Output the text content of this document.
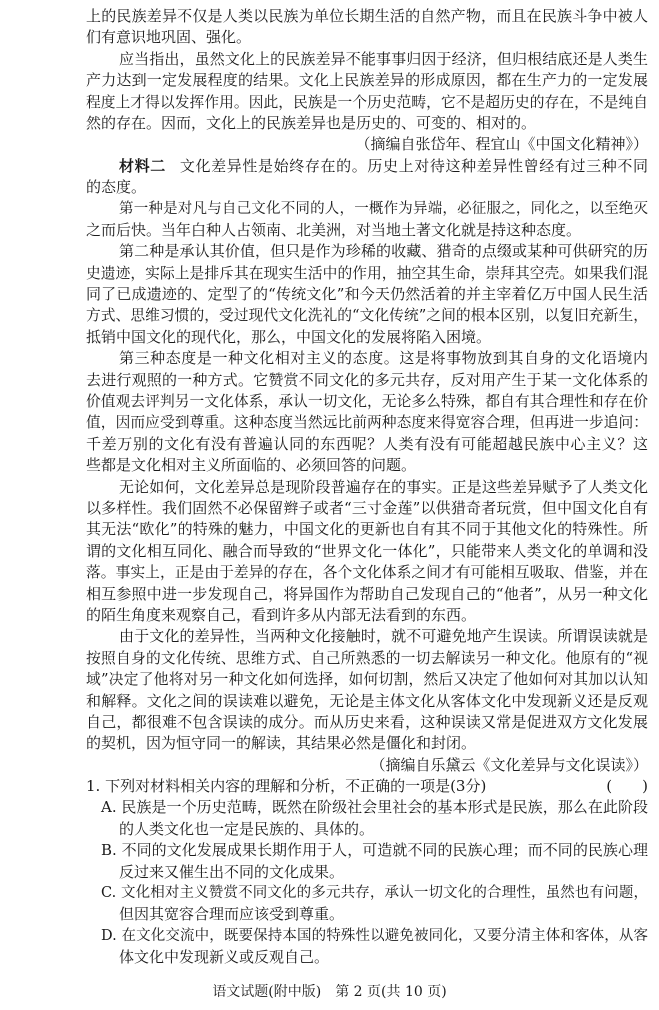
上的民族差异不仅是人类以民族为单位长期生活的自然产物，而且在民族斗争中被人
们有意识地巩固、强化。
应当指出，虽然文化上的民族差异不能事事归因于经济，但归根结底还是人类生
产力达到一定发展程度的结果。文化上民族差异的形成原因，都在生产力的一定发展
程度上才得以发挥作用。因此，民族是一个历史范畴，它不是超历史的存在，不是纯自
然的存在。因而，文化上的民族差异也是历史的、可变的、相对的。
（摘编自张岱年、程宜山《中国文化精神》）
材料二 文化差异性是始终存在的。历史上对待这种差异性曾经有过三种不同
的态度。
第一种是对凡与自己文化不同的人，一概作为异端，必征服之，同化之，以至绝灭
之而后快。当年白种人占领南、北美洲，对当地土著文化就是持这种态度。
第二种是承认其价值，但只是作为珍稀的收藏、猎奇的点缀或某种可供研究的历
史遗迹，实际上是排斥其在现实生活中的作用，抽空其生命，崇拜其空壳。如果我们混
同了已成遗迹的、定型了的“传统文化”和今天仍然活着的并主宰着亿万中国人民生活
方式、思维习惯的，受过现代文化洗礼的“文化传统”之间的根本区别，以复旧充新生，
抵销中国文化的现代化，那么，中国文化的发展将陷入困境。
第三种态度是一种文化相对主义的态度。这是将事物放到其自身的文化语境内
去进行观照的一种方式。它赞赏不同文化的多元共存，反对用产生于某一文化体系的
价值观去评判另一文化体系，承认一切文化，无论多么特殊，都自有其合理性和存在价
值，因而应受到尊重。这种态度当然远比前两种态度来得宽容合理，但再进一步追问：
千差万别的文化有没有普遍认同的东西呢？人类有没有可能超越民族中心主义？这
些都是文化相对主义所面临的、必须回答的问题。
无论如何，文化差异总是现阶段普遍存在的事实。正是这些差异赋予了人类文化
以多样性。我们固然不必保留辫子或者“三寸金莲”以供猎奇者玩赏，但中国文化自有
其无法“欧化”的特殊的魅力，中国文化的更新也自有其不同于其他文化的特殊性。所
谓的文化相互同化、融合而导致的“世界文化一体化”，只能带来人类文化的单调和没
落。事实上，正是由于差异的存在，各个文化体系之间才有可能相互吸取、借鉴，并在
相互参照中进一步发现自己，将异国作为帮助自己发现自己的“他者”，从另一种文化
的陌生角度来观察自己，看到许多从内部无法看到的东西。
由于文化的差异性，当两种文化接触时，就不可避免地产生误读。所谓误读就是
按照自身的文化传统、思维方式、自己所熟悉的一切去解读另一种文化。他原有的“视
域”决定了他将对另一种文化如何选择，如何切割，然后又决定了他如何对其加以认知
和解释。文化之间的误读难以避免，无论是主体文化从客体文化中发现新义还是反观
自己，都很难不包含误读的成分。而从历史来看，这种误读又常是促进双方文化发展
的契机，因为恒守同一的解读，其结果必然是僵化和封闭。
（摘编自乐黛云《文化差异与文化误读》）
1. 下列对材料相关内容的理解和分析，不正确的一项是(3分)	(　　)
A. 民族是一个历史范畴，既然在阶级社会里社会的基本形式是民族，那么在此阶段
的人类文化也一定是民族的、具体的。
B. 不同的文化发展成果长期作用于人，可造就不同的民族心理；而不同的民族心理
反过来又催生出不同的文化成果。
C. 文化相对主义赞赏不同文化的多元共存，承认一切文化的合理性，虽然也有问题，
但因其宽容合理而应该受到尊重。
D. 在文化交流中，既要保持本国的特殊性以避免被同化，又要分清主体和客体，从客
体文化中发现新义或反观自己。
语文试题(附中版)　第 2 页(共 10 页)
